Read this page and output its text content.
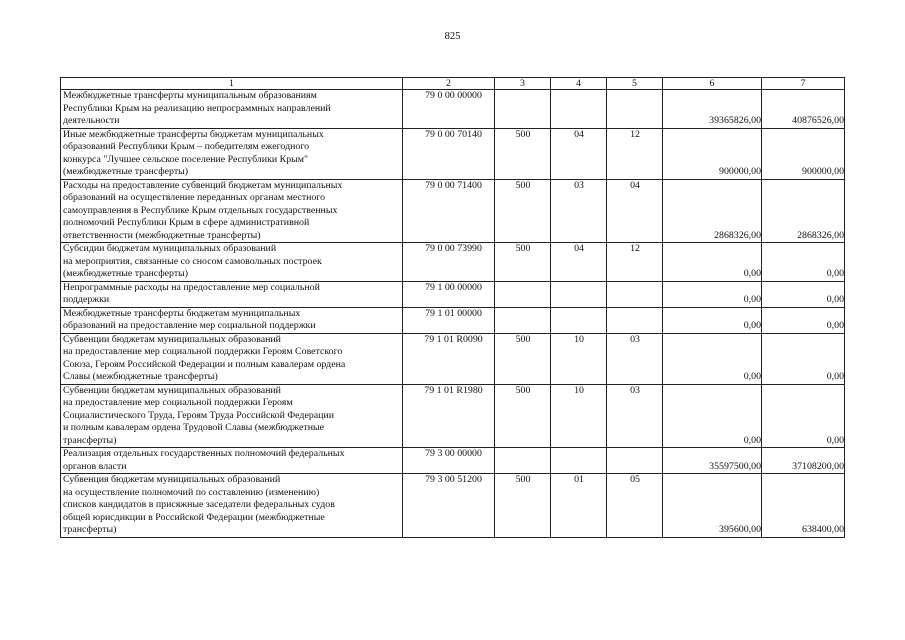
825
1	2	3	4	5	6	7
Межбюджетные трансферты муниципальным образованиям
Республики Крым на реализацию непрограммных направлений
деятельности	79 0 00 00000				39365826,00	40876526,00
Иные межбюджетные трансферты бюджетам муниципальных
образований Республики Крым – победителям ежегодного
конкурса "Лучшее сельское поселение Республики Крым"
(межбюджетные трансферты)	79 0 00 70140	500	04	12	900000,00	900000,00
Расходы на предоставление субвенций бюджетам муниципальных
образований на осуществление переданных органам местного
самоуправления в Республике Крым отдельных государственных
полномочий Республики Крым в сфере административной
ответственности (межбюджетные трансферты)	79 0 00 71400	500	03	04	2868326,00	2868326,00
Субсидии бюджетам муниципальных образований
на мероприятия, связанные со сносом самовольных построек
(межбюджетные трансферты)	79 0 00 73990	500	04	12	0,00	0,00
Непрограммные расходы на предоставление мер социальной
поддержки	79 1 00 00000				0,00	0,00
Межбюджетные трансферты бюджетам муниципальных
образований на предоставление мер социальной поддержки	79 1 01 00000				0,00	0,00
Субвенции бюджетам муниципальных образований
на предоставление мер социальной поддержки Героям Советского
Союза, Героям Российской Федерации и полным кавалерам ордена
Славы (межбюджетные трансферты)	79 1 01 R0090	500	10	03	0,00	0,00
Субвенции бюджетам муниципальных образований
на предоставление мер социальной поддержки Героям
Социалистического Труда, Героям Труда Российской Федерации
и полным кавалерам ордена Трудовой Славы (межбюджетные
трансферты)	79 1 01 R1980	500	10	03	0,00	0,00
Реализация отдельных государственных полномочий федеральных
органов власти	79 3 00 00000				35597500,00	37108200,00
Субвенция бюджетам муниципальных образований
на осуществление полномочий по составлению (изменению)
списков кандидатов в присяжные заседатели федеральных судов
общей юрисдикции в Российской Федерации (межбюджетные
трансферты)	79 3 00 51200	500	01	05	395600,00	638400,00
